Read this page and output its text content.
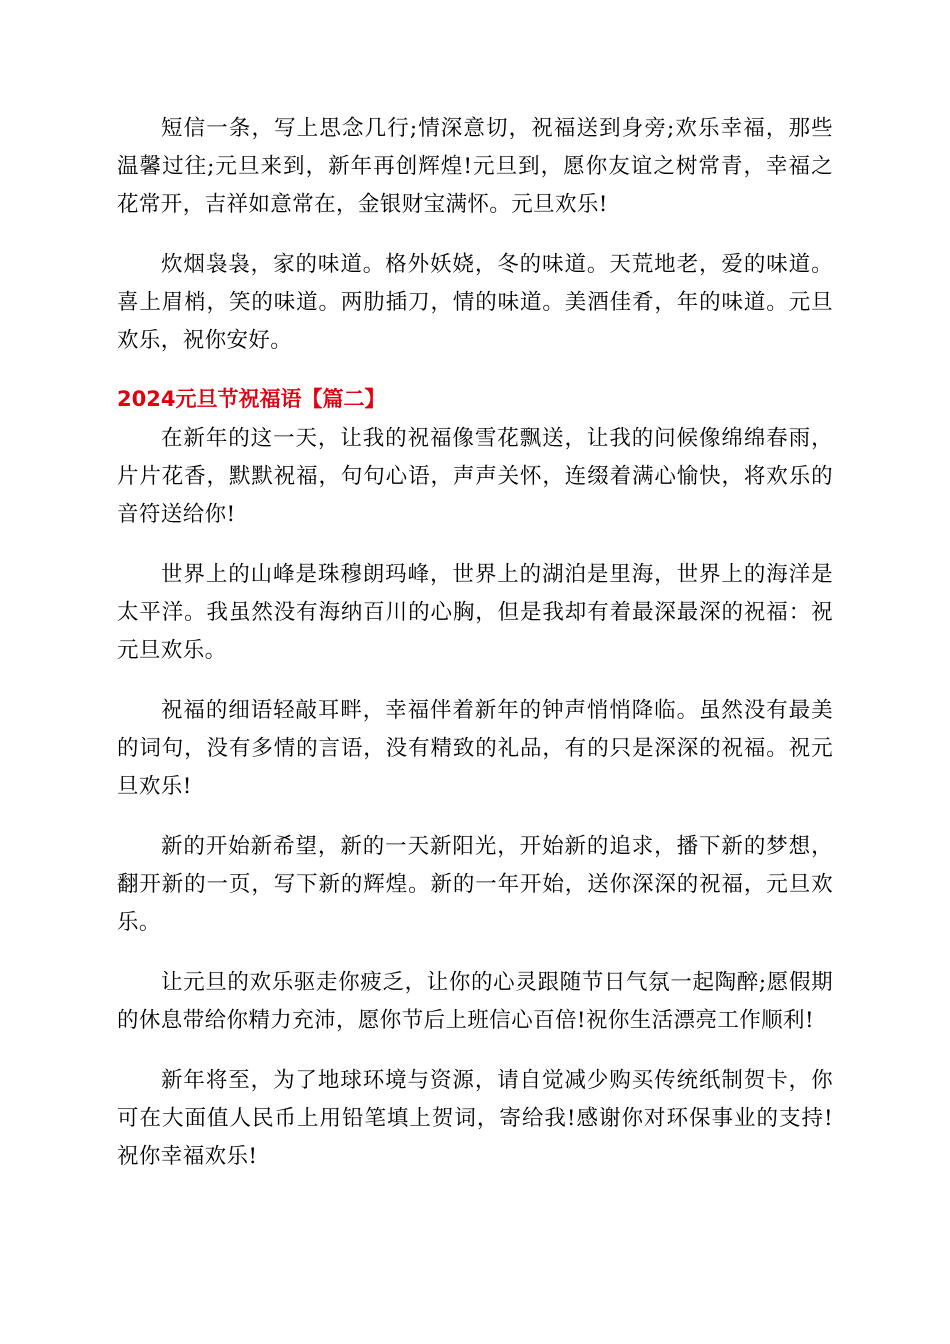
短信一条，写上思念几行;情深意切，祝福送到身旁;欢乐幸福，那些温馨过往;元旦来到，新年再创辉煌!元旦到，愿你友谊之树常青，幸福之花常开，吉祥如意常在，金银财宝满怀。元旦欢乐!

炊烟袅袅，家的味道。格外妖娆，冬的味道。天荒地老，爱的味道。喜上眉梢，笑的味道。两肋插刀，情的味道。美酒佳肴，年的味道。元旦欢乐，祝你安好。

2024元旦节祝福语【篇二】

在新年的这一天，让我的祝福像雪花飘送，让我的问候像绵绵春雨，片片花香，默默祝福，句句心语，声声关怀，连缀着满心愉快，将欢乐的音符送给你!

世界上的山峰是珠穆朗玛峰，世界上的湖泊是里海，世界上的海洋是太平洋。我虽然没有海纳百川的心胸，但是我却有着最深最深的祝福：祝元旦欢乐。

祝福的细语轻敲耳畔，幸福伴着新年的钟声悄悄降临。虽然没有最美的词句，没有多情的言语，没有精致的礼品，有的只是深深的祝福。祝元旦欢乐!

新的开始新希望，新的一天新阳光，开始新的追求，播下新的梦想，翻开新的一页，写下新的辉煌。新的一年开始，送你深深的祝福，元旦欢乐。

让元旦的欢乐驱走你疲乏，让你的心灵跟随节日气氛一起陶醉;愿假期的休息带给你精力充沛，愿你节后上班信心百倍!祝你生活漂亮工作顺利!

新年将至，为了地球环境与资源，请自觉减少购买传统纸制贺卡，你可在大面值人民币上用铅笔填上贺词，寄给我!感谢你对环保事业的支持!祝你幸福欢乐!
